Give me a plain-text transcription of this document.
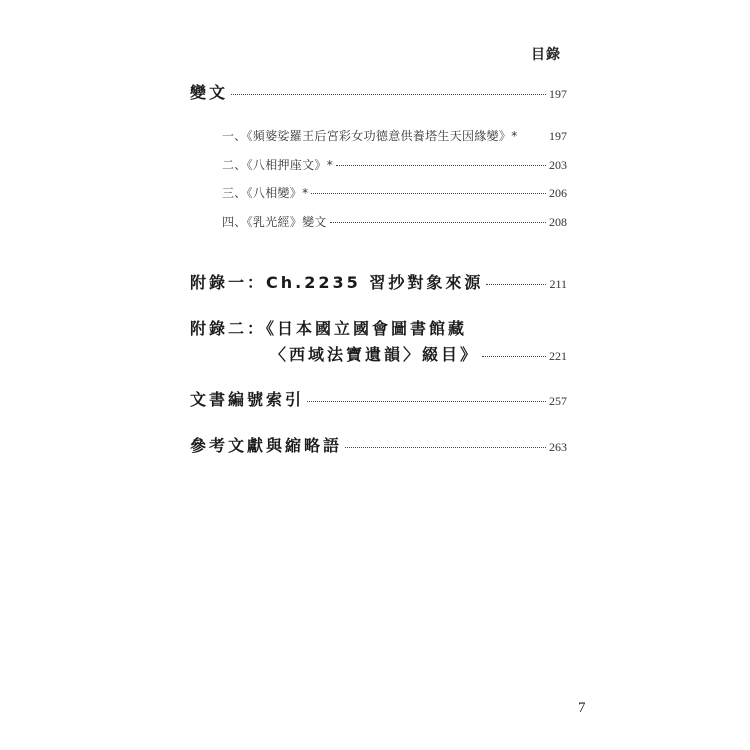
目錄
變文	197
一、《頻婆娑羅王后宮彩女功德意供養塔生天因緣變》*	197
二、《八相押座文》*	203
三、《八相變》*	206
四、《乳光經》變文	208
附錄一：Ch.2235 習抄對象來源	211
附錄二：《日本國立國會圖書館藏
〈西域法寶遺韻〉綴目》	221
文書編號索引	257
參考文獻與縮略語	263
7
